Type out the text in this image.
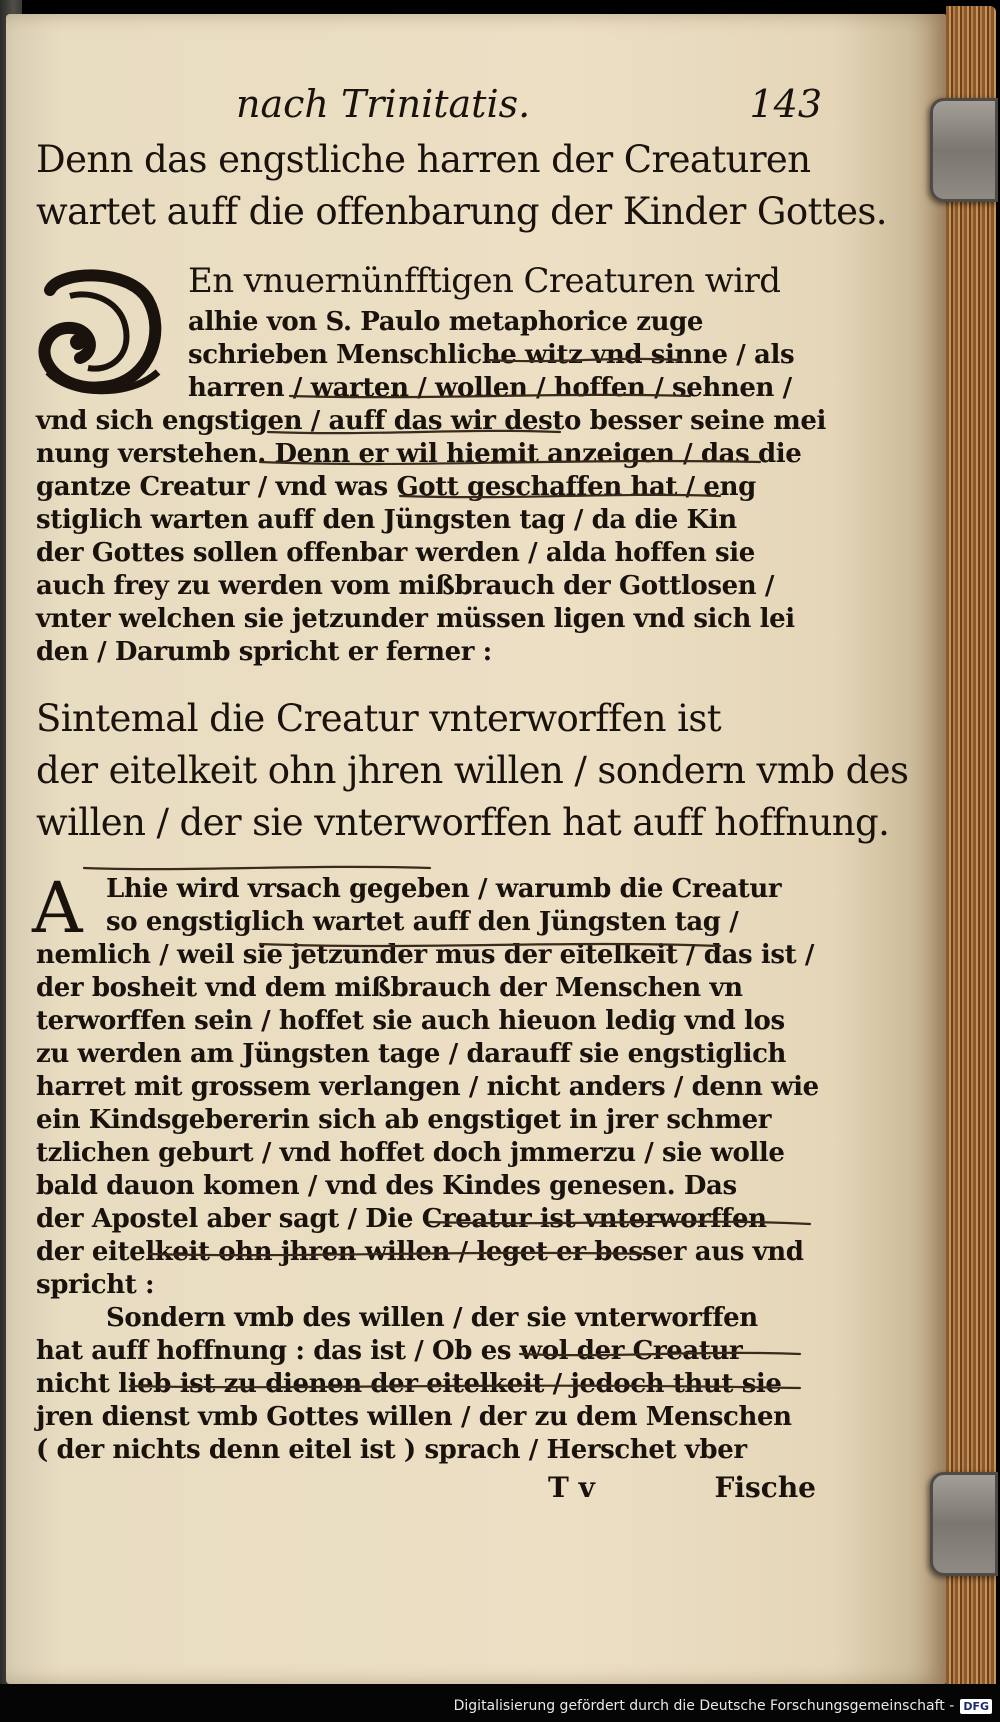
nach Trinitatis.	143

Denn das engstliche harren der Creaturen
wartet auff die offenbarung der Kinder Gottes.

D	En vnuernünfftigen Creaturen wird
alhie von S. Paulo metaphorice zuge
schrieben Menschliche witz vnd sinne / als
harren / warten / wollen / hoffen / sehnen /
vnd sich engstigen / auff das wir desto besser seine mei
nung verstehen. Denn er wil hiemit anzeigen / das die
gantze Creatur / vnd was Gott geschaffen hat / eng
stiglich warten auff den Jüngsten tag / da die Kin
der Gottes sollen offenbar werden / alda hoffen sie
auch frey zu werden vom mißbrauch der Gottlosen /
vnter welchen sie jetzunder müssen ligen vnd sich lei
den / Darumb spricht er ferner :

Sintemal die Creatur vnterworffen ist
der eitelkeit ohn jhren willen / sondern vmb des
willen / der sie vnterworffen hat auff hoffnung.

A Lhie wird vrsach gegeben / warumb die Creatur
so engstiglich wartet auff den Jüngsten tag /
nemlich / weil sie jetzunder mus der eitelkeit / das ist /
der bosheit vnd dem mißbrauch der Menschen vn
terworffen sein / hoffet sie auch hieuon ledig vnd los
zu werden am Jüngsten tage / darauff sie engstiglich
harret mit grossem verlangen / nicht anders / denn wie
ein Kindsgebererin sich ab engstiget in jrer schmer
tzlichen geburt / vnd hoffet doch jmmerzu / sie wolle
bald dauon komen / vnd des Kindes genesen. Das
der Apostel aber sagt / Die Creatur ist vnterworffen
der eitelkeit ohn jhren willen / leget er besser aus vnd
spricht :

Sondern vmb des willen / der sie vnterworffen
hat auff hoffnung : das ist / Ob es wol der Creatur
nicht lieb ist zu dienen der eitelkeit / jedoch thut sie
jren dienst vmb Gottes willen / der zu dem Menschen
( der nichts denn eitel ist ) sprach / Herschet vber

T v	Fische
Digitalisierung gefördert durch die Deutsche Forschungsgemeinschaft - DFG
